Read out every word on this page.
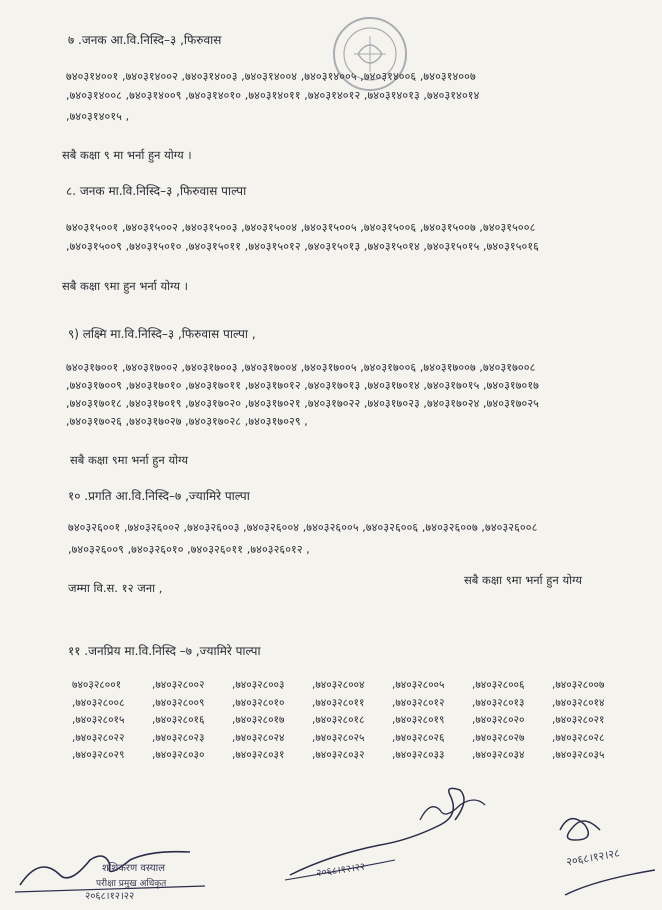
७ .जनक आ.वि.निस्दि–३ ,फिरुवास
७४०३१४००१ ,७४०३१४००२ ,७४०३१४००३ ,७४०३१४००४ ,७४०३१४००५ ,७४०३१४००६ ,७४०३१४००७
,७४०३१४००८ ,७४०३१४००९ ,७४०३१४०१० ,७४०३१४०११ ,७४०३१४०१२ ,७४०३१४०१३ ,७४०३१४०१४
,७४०३१४०१५ ,
सबै कक्षा ९ मा भर्ना हुन योग्य ।
८. जनक मा.वि.निस्दि–३ ,फिरुवास पाल्पा
७४०३१५००१ ,७४०३१५००२ ,७४०३१५००३ ,७४०३१५००४ ,७४०३१५००५ ,७४०३१५००६ ,७४०३१५००७ ,७४०३१५००८
,७४०३१५००९ ,७४०३१५०१० ,७४०३१५०११ ,७४०३१५०१२ ,७४०३१५०१३ ,७४०३१५०१४ ,७४०३१५०१५ ,७४०३१५०१६
सबै कक्षा ९मा हुन भर्ना योग्य ।
९) लक्ष्मि मा.वि.निस्दि–३ ,फिरुवास पाल्पा ,
७४०३१७००१ ,७४०३१७००२ ,७४०३१७००३ ,७४०३१७००४ ,७४०३१७००५ ,७४०३१७००६ ,७४०३१७००७ ,७४०३१७००८
,७४०३१७००९ ,७४०३१७०१० ,७४०३१७०११ ,७४०३१७०१२ ,७४०३१७०१३ ,७४०३१७०१४ ,७४०३१७०१५ ,७४०३१७०१७
,७४०३१७०१८ ,७४०३१७०१९ ,७४०३१७०२० ,७४०३१७०२१ ,७४०३१७०२२ ,७४०३१७०२३ ,७४०३१७०२४ ,७४०३१७०२५
,७४०३१७०२६ ,७४०३१७०२७ ,७४०३१७०२८ ,७४०३१७०२९ ,
सबै कक्षा ९मा भर्ना हुन योग्य
१० .प्रगति आ.वि.निस्दि–७ ,ज्यामिरे पाल्पा
७४०३२६००१ ,७४०३२६००२ ,७४०३२६००३ ,७४०३२६००४ ,७४०३२६००५ ,७४०३२६००६ ,७४०३२६००७ ,७४०३२६००८
,७४०३२६००९ ,७४०३२६०१० ,७४०३२६०११ ,७४०३२६०१२ ,
जम्मा वि.स. १२ जना ,
सबै कक्षा ९मा भर्ना हुन योग्य
११ .जनप्रिय मा.वि.निस्दि –७ ,ज्यामिरे पाल्पा
७४०३२८००१	,७४०३२८००२	,७४०३२८००३	,७४०३२८००४	,७४०३२८००५	,७४०३२८००६	,७४०३२८००७
,७४०३२८००८	,७४०३२८००९	,७४०३२८०१०	,७४०३२८०११	,७४०३२८०१२	,७४०३२८०१३	,७४०३२८०१४
,७४०३२८०१५	,७४०३२८०१६	,७४०३२८०१७	,७४०३२८०१८	,७४०३२८०१९	,७४०३२८०२०	,७४०३२८०२१
,७४०३२८०२२	,७४०३२८०२३	,७४०३२८०२४	,७४०३२८०२५	,७४०३२८०२६	,७४०३२८०२७	,७४०३२८०२८
,७४०३२८०२९	,७४०३२८०३०	,७४०३२८०३१	,७४०३२८०३२	,७४०३२८०३३	,७४०३२८०३४	,७४०३२८०३५
शशिकरण वस्याल
परीक्षा प्रमुख अधिकृत
२०६८।१२।२२
२०६८।१२।२२
२०६८।१२।२८
